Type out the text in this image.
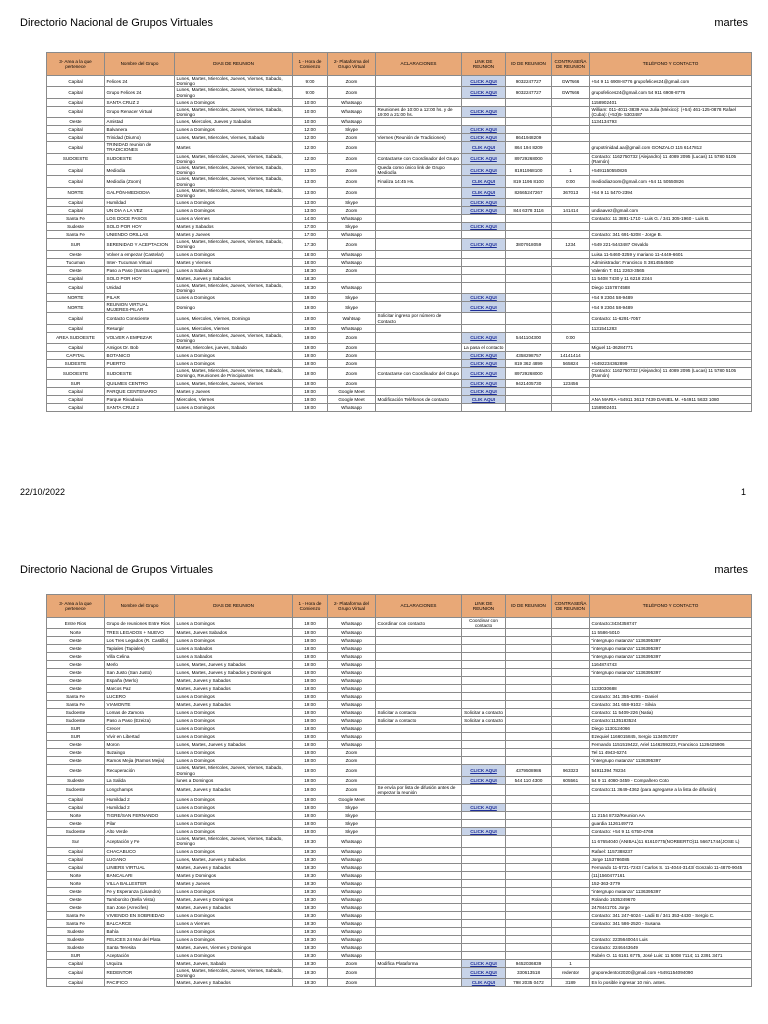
Directorio Nacional de Grupos Virtuales	martes
3- Area a la que pertenece	Nombre del Grupo	DIAS DE REUNION	1 - Hora de Comienzo	2- Plataforma del Grupo Virtual	ACLARACIONES	LINK DE REUNION	ID DE REUNION	CONTRASEÑA DE REUNION	TELÉFONO Y CONTACTO
Capital	Felices 24	Lunes, Martes, Miercoles, Jueves, Viernes, Sabado, Domingo	9:00	Zoom		CLICK AQUI	9032247727	GWTs66	+54 9 11 6908-8776 grupofelices24@gmail.com
Capital	Grupo Felices 24	Lunes, Martes, Miercoles, Jueves, Viernes, Sabado, Domingo	9:00	Zoom		CLICK AQUI	9032247727	GWTs66	grupofelices24@gmail.com 54 911 6908-8776
Capital	SANTA CRUZ 2	Lunes a Domingos	10:00	Whatsapp					1158902401
Capital	Grupo Renacer Virtual	Lunes, Martes, Miercoles, Jueves, Viernes, Sabado, Domingo	10:00	Whatsapp	Reuniones de 10:00 a 12:00 hs. y de 19:00 a 21:00 hs.	CLICK AQUI			William: 011-4011-3839 Ana Julia (México): (+54) 461-125-0878 Rafael (Cuba): (+53)5- 5303487
Oeste	Amistad	Lunes, Miercoles, Jueves y Sabados	10:00	Whatsapp					1134134793
Capital	Balvanera	Lunes a Domingos	12:00	Skype		CLICK AQUI			
Capital	Trinidad (Diurno)	Lunes, Martes, Miercoles, Viernes, Sabado	12:00	Zoom	Viernes (Reunión de Tradiciones)	CLICK AQUI	8641948209		
Capital	TRINIDAD reunion de TRADICIONES	Martes	12:00	Zoom		CLIK AQUI	864 194 8209		grupotrinidad.aa@gmail.com GONZALO 115 6147812
SUDOESTE	SUDOESTE	Lunes, Martes, Miercoles, Jueves, Viernes, Sabado, Domingo	12:00	Zoom	Contactarse con Coordinador del Grupo	CLICK AQUI	89729268000		Contacto: 1162750732 (Alejandro) 11 4089 2095 (Lucas) 11 5780 5105 (Ramón)
Capital	Mediodia	Lunes, Martes, Miercoles, Jueves, Viernes, Sabado, Domingo	13:00	Zoom	Queda como único link de Grupo Mediodía	CLICK AQUI	81911968100	1	+5491150550826
Capital	Mediodia (Zoom)	Lunes, Martes, Miercoles, Jueves, Viernes, Sabado, Domingo	13:00	Zoom	Finaliza 14:45 Hs.	CLIK AQUI	819 1196 8100	0:00	mediodiazoom@gmail.com +54 11 50550826
NORTE	GALPÓN-MEDIODIA	Lunes, Martes, Miercoles, Jueves, Viernes, Sabado, Domingo	13:00	Zoom		CLIK AQUI	82665247267	367013	+54 9 11 5470-2394
Capital	Humildad	Lunes a Domingos	13:00	Skype		CLICK AQUI			
Capital	UN DIA A LA VEZ	Lunes a Domingos	13:00	Zoom		CLICK AQUI	844 6378 3116	141414	undiaavez@gmail.com
Santa Fe	LOS DOCE PASOS	Lunes a Viernes	14:00	Whatsapp					Contacto: 11 3891-1710 - Luis G. / 341 305-1960 - Luis B.
Sudeste	SOLO POR HOY	Martes y Sabados	17:00	Skype		CLICK AQUI			
Santa Fe	UNIENDO ORILLAS	Martes y Jueves	17:00	Whatsapp					Contacto: 341 691-5208 - Jorge B.
SUR	SERENIDAD Y ACEPTACION	Lunes, Martes, Miercoles, Jueves, Viernes, Sabado, Domingo	17:30	Zoom		CLICK AQUI	3807918059	1234	+549 221-5443487 Osvaldo
Oeste	Volver a empezar (Castelar)	Lunes a Domingos	18:00	Whatsapp					Luisa 11-5460-3259 y mariano 11-4449-6601
Tucuman	Inter- Tucuman Virtual	Martes y Viernes	18:00	Whatsapp					Administrador: Francisco S 3814554560
Oeste	Paso a Paso (Santos Lugares)	Lunes a Sabados	18:30	Zoom					Valentin T. 011 2263-3565
Capital	SOLO POR HOY	Martes, Jueves y Sabados	18:30						11 5408 7430 y 11 6218 2244
Capital	Unidad	Lunes, Martes, Miercoles, Jueves, Viernes, Sabado, Domingo	18:30	Whatsapp					Diego 1157874588
NORTE	PILAR	Lunes a Domingos	19:00	Skype		CLICK AQUI			+54 9 2304 58-9489
NORTE	REUNION VIRTUAL MUJERES-PILAR	Domingo	19:00	Skype		CLICK AQUI			+54 9 2304 58-9489
Capital	Contacto Consciente	Lunes, Miercoles, Viernes, Domingo	19:00	Wahtsap	Solicitar ingreso por número de Contacto				Contacto: 11-6291-7057
Capital	Resurgir	Lunes, Miercoles, Viernes	19:00	Whatsapp					1131541283
AREA SUDOESTE	VOLVER A EMPEZAR	Lunes, Martes, Miercoles, Jueves, Viernes, Sabado, Domingo	19:00	Zoom		CLICK AQUI	5441104300	0:00	
Capital	Amigos Dr. Bob	Martes, Miercoles, jueves, Sabado	19:00	Zoom		La pasa el contacto			Miguel 11-36284771
CAPITAL	BOTANICO	Lunes a Domingos	19:00	Zoom		CLICK AQUI	4358298757	14141414	
SUDESTE	PUERTO	Lunes a Domingos	19:00	Zoom		CLICK AQUI	819 362 4899	565824	+5492234362899
SUDOESTE	SUDOESTE	Lunes, Martes, Miercoles, Jueves, Viernes, Sabado, Domingo, Reuniones de Principiantes	19:00	Zoom	Contactarse con Coordinador del Grupo	CLICK AQUI	89729268000		Contacto: 1162750732 (Alejandro) 11 4089 2095 (Lucas) 11 5780 5105 (Ramón)
SUR	QUILMES CENTRO	Lunes, Martes, Miercoles, Jueves, Viernes	19:00	Zoom		CLICK AQUI	9421405730	123456	
Capital	PARQUE CENTENARIO	Martes y Jueves	19:00	Google Meet		CLICK AQUI			
Capital	Parque Rivadavia	Miercoles, Viernes	19:00	Google Meet	Modificación Teléfonos de contacto	CLIK AQUI			ANA MARIA +54911 3613 7439 DANIEL M. +54911 5633 1080
Capital	SANTA CRUZ 2	Lunes a Domingos	19:00	Whatsapp					1158902401
22/10/2022	1
Directorio Nacional de Grupos Virtuales	martes
3- Area a la que pertenece	Nombre del Grupo	DIAS DE REUNION	1 - Hora de Comienzo	2- Plataforma del Grupo Virtual	ACLARACIONES	LINK DE REUNION	ID DE REUNION	CONTRASEÑA DE REUNION	TELÉFONO Y CONTACTO
Entre Rios	Grupo de reuniones Entre Rios	Lunes a Domingos	19:00	Whatsapp	Coordinar con contacto	Coordinar con contacto			Contacto:3434358747
Norte	TRES LEGADOS + NUEVO	Martes, Jueves Sabados	19:00	Whatsapp					11 5586-5010
Oeste	Los Tres Legados (R. Castillo)	Lunes a Domingos	19:00	Whatsapp					"intergrupo matanza" 1136395397
Oeste	Tapiales (Tapiales)	Lunes a Sabados	19:00	Whatsapp					"intergrupo matanza" 1136395397
Oeste	Villa Celina	Lunes a Sabados	19:00	Whatsapp					"intergrupo matanza" 1136395397
Oeste	Merlo	Lunes, Martes, Jueves y Sabados	19:00	Whatsapp					1164874743
Oeste	San Justo (San Justo)	Lunes, Martes, Jueves y Sabados y Domingos	19:00	Whatsapp					"intergrupo matanza" 1136395397
Oeste	España (Merlo)	Martes, Jueves y Sabados	19:00	Whatsapp					
Oeste	Marcos Paz	Martes, Jueves y Sabados	19:00	Whatsapp					1133030688
Santa Fe	LUCERO	Lunes a Domingos	19:00	Whatsapp					Contacto: 341 355-6295 - Daniel
Santa Fe	VIAMONTE	Martes, Jueves y Sabados	19:00	Whatsapp					Contacto: 341 658-9102 - Silvia
Sudoeste	Lomas de Zamora	Lunes a Domingos	19:00	Whatsapp	Solicitar a contacto	Solicitar a contacto			Contacto: 11 5409-226 (Natia)
Sudoeste	Paso a Paso (Ezeiza)	Lunes a Domingos	19:00	Whatsapp	Solicitar a contacto	Solicitar a contacto			Contacto:1135183524
SUR	Crecer	Lunes a Domingos	19:00	Whatsapp					Diego 1130124066
SUR	Vivir en Libertad	Lunes a Domingos	19:00	Whatsapp					Ezequiel 1166015845, Sergio 1134057207
Oeste	Moron	Lunes, Martes, Jueves y Sabados	19:00	Whatsapp					Fernando 1151519422, Ariel 1146259223, Francisco 1126425906
Oeste	Ituzaingo	Lunes a Domingos	19:00	Zoom					Tel 11 4943-6274
Oeste	Ramos Mejia (Ramos Mejia)	Lunes a Domingos	19:00	Zoom					"intergrupo matanza" 1136395397
Oeste	Recuperación	Lunes, Martes, Miercoles, Jueves, Viernes, Sabado, Domingo	19:00	Zoom		CLICK AQUI	4379508986	963323	54911394 78234
Sudeste	La Salida	lunes a Domingos	19:00	Zoom		CLICK AQUI	544 110 4300	605561	54 9 11 4080-3459 - Compañero Coto
Sudoeste	Longchamps	Martes, Jueves y Sabados	19:00	Zoom	Se envía por lista de difusión antes de empezar la reunión				Contacto:11 3649-4362 (para agregarse a la lista de difusión)
Capital	Humildad 2	Lunes a Domingos	19:00	Google Meet					
Capital	Humildad 2	Lunes a Domingos	19:00	Skype		CLICK AQUI			
Norte	TIGRE/SAN FERNANDO	Lunes a Domingos	19:00	Skype					11 2154 8732/Reunion AA
Oeste	Pilar	Lunes a Domingos	19:00	Skype					guardia 1126149772
Sudoeste	Alto Verde	Lunes a Domingos	19:00	Skype		CLICK AQUI			Contacto: +54 9 11 6750-4768
Sur	Aceptación y Fe	Lunes, Martes, Miercoles, Jueves, Viernes, Sabado, Domingo	19:30	Whatsapp					11 67654040 (ANIBAL)11 61610775(NORBERTO)11 56671744(JOSE L)
Capital	CHACABUCO	Lunes a Domingos	19:30	Whatsapp					Rafael: 1157388237
Capital	LUGANO	Lunes, Martes, Jueves y Sabados	19:30	Whatsapp					Jorge 1153786085
Capital	LINIERS VIRTUAL	Martes, Jueves y Sabados	19:30	Whatsapp					Fernando 11-5721-7243 / Carlos S. 11-4044-3143/ Gonzalo 11-4870-9045
Norte	BANCALARI	Martes y Domingos	19:30	Whatsapp					(11)1560477161
Norte	VILLA BALLESTER	Martes y Jueves	19:30	Whatsapp					152-363-3779
Oeste	Fe y Esperanza (Lisandro)	Lunes a Domingos	19:30	Whatsapp					"intergrupo matanza" 1136395397
Oeste	Tamborcito (Bella Vista)	Martes, Jueves y Domingos	19:30	Whatsapp					Rolando 1535249670
Oeste	San Jose (Arrecifes)	Martes, Jueves y Sabados	19:30	Whatsapp					2478441701 Jorge
Santa Fe	VIVIENDO EN SOBRIEDAD	Lunes a Domingos	19:30	Whatsapp					Contacto: 341 247-6024 - Ladii B / 341 353-4430 - Sergio C.
Santa Fe	BALCARCE	Lunes a Viernes	19:30	Whatsapp					Contacto: 341 586-2520 - Susana
Sudeste	Bahía	Lunes a Domingos	19:30	Whatsapp					
Sudeste	FELICES 24 Mar del Plata	Lunes a Domingos	19:30	Whatsapp					Contacto: 2235640044 Luis
Sudeste	Santa Teresita	Martes, Jueves, Viernes y Domingos	19:30	Whatsapp					Contacto: 2246443649
SUR	Aceptación	Lunes a Domingos	19:30	Whatsapp					Rubén O. 11 6161 6775, José Luis: 11 5008 7114; 11 2391 3471
Capital	Urquiza	Martes, Jueves, Sabado	19:30	Zoom	Modifica Plataforma	CLICK AQUI	9452036839	1	
Capital	REDENTOR	Lunes, Martes, Miercoles, Jueves, Viernes, Sabado, Domingo	19:30	Zoom		CLICK AQUI	330613518	redentor	gruporedentor2020@gmail.com +5491154094090
Capital	PACIFICO	Martes, Jueves y Sabados	19:30	Zoom		CLIK AQUI	798 2035 0472	3189	En lo posible ingresar 10 min. antes.
